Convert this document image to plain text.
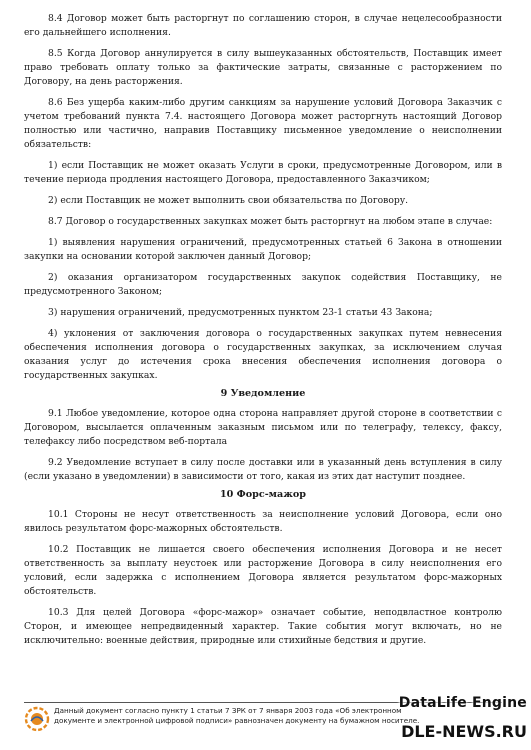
8.4 Договор может быть расторгнут по соглашению сторон, в случае нецелесообразности его дальнейшего исполнения.

8.5 Когда Договор аннулируется в силу вышеуказанных обстоятельств, Поставщик имеет право требовать оплату только за фактические затраты, связанные с расторжением по Договору, на день расторжения.

8.6 Без ущерба каким-либо другим санкциям за нарушение условий Договора Заказчик с учетом требований пункта 7.4. настоящего Договора может расторгнуть настоящий Договор полностью или частично, направив Поставщику письменное уведомление о неисполнении обязательств:

1) если Поставщик не может оказать Услуги в сроки, предусмотренные Договором, или в течение периода продления настоящего Договора, предоставленного Заказчиком;

2) если Поставщик не может выполнить свои обязательства по Договору.

8.7 Договор о государственных закупках может быть расторгнут на любом этапе в случае:

1) выявления нарушения ограничений, предусмотренных статьей 6 Закона в отношении закупки на основании которой заключен данный Договор;

2) оказания организатором государственных закупок содействия Поставщику, не предусмотренного Законом;

3) нарушения ограничений, предусмотренных пунктом 23-1 статьи 43 Закона;

4) уклонения от заключения договора о государственных закупках путем невнесения обеспечения исполнения договора о государственных закупках, за исключением случая оказания услуг до истечения срока внесения обеспечения исполнения договора о государственных закупках.

9 Уведомление

9.1 Любое уведомление, которое одна сторона направляет другой стороне в соответствии с Договором, высылается оплаченным заказным письмом или по телеграфу, телексу, факсу, телефаксу либо посредством веб-портала

9.2 Уведомление вступает в силу после доставки или в указанный день вступления в силу (если указано в уведомлении) в зависимости от того, какая из этих дат наступит позднее.

10 Форс-мажор

10.1 Стороны не несут ответственность за неисполнение условий Договора, если оно явилось результатом форс-мажорных обстоятельств.

10.2 Поставщик не лишается своего обеспечения исполнения Договора и не несет ответственность за выплату неустоек или расторжение Договора в силу неисполнения его условий, если задержка с исполнением Договора является результатом форс-мажорных обстоятельств.

10.3 Для целей Договора «форс-мажор» означает событие, неподвластное контролю Сторон, и имеющее непредвиденный характер. Такие события могут включать, но не исключительно: военные действия, природные или стихийные бедствия и другие.

Данный документ согласно пункту 1 статьи 7 ЗРК от 7 января 2003 года «Об электронном документе и электронной цифровой подписи» равнозначен документу на бумажном носителе.
DataLife Engine
DLE-NEWS.RU
